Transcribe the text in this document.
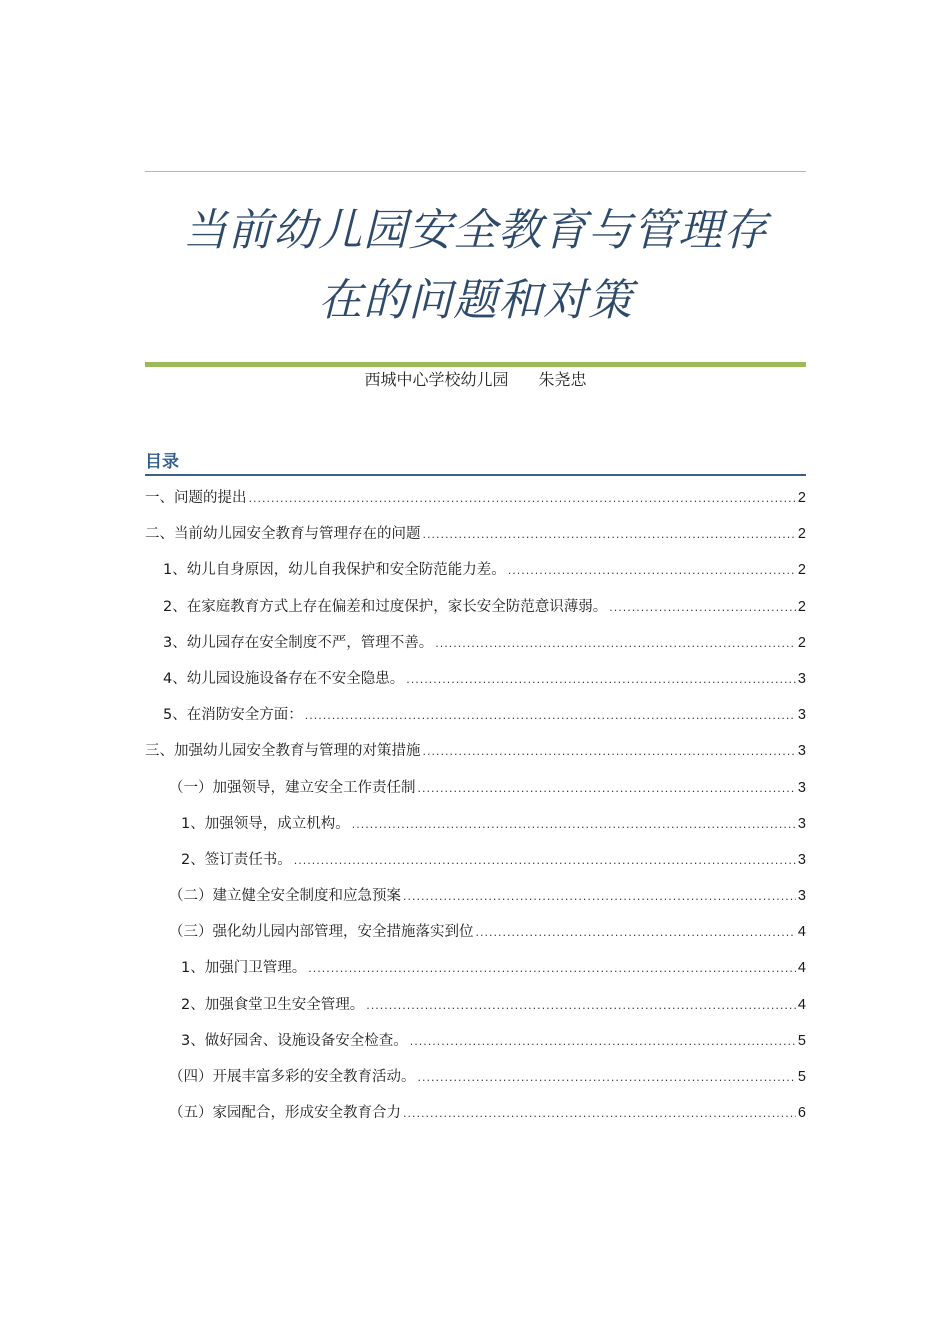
当前幼儿园安全教育与管理存
在的问题和对策
西城中心学校幼儿园 朱尧忠
目录
一、问题的提出 .....	2
二、当前幼儿园安全教育与管理存在的问题 .....	2
1、幼儿自身原因，幼儿自我保护和安全防范能力差。 .....	2
2、在家庭教育方式上存在偏差和过度保护，家长安全防范意识薄弱。 .....	2
3、幼儿园存在安全制度不严，管理不善。 .....	2
4、幼儿园设施设备存在不安全隐患。 .....	3
5、在消防安全方面： .....	3
三、加强幼儿园安全教育与管理的对策措施 .....	3
（一）加强领导，建立安全工作责任制 .....	3
1、加强领导，成立机构。 .....	3
2、签订责任书。 .....	3
（二）建立健全安全制度和应急预案 .....	3
（三）强化幼儿园内部管理，安全措施落实到位 .....	4
1、加强门卫管理。 .....	4
2、加强食堂卫生安全管理。 .....	4
3、做好园舍、设施设备安全检查。 .....	5
（四）开展丰富多彩的安全教育活动。 .....	5
（五）家园配合，形成安全教育合力 .....	6
